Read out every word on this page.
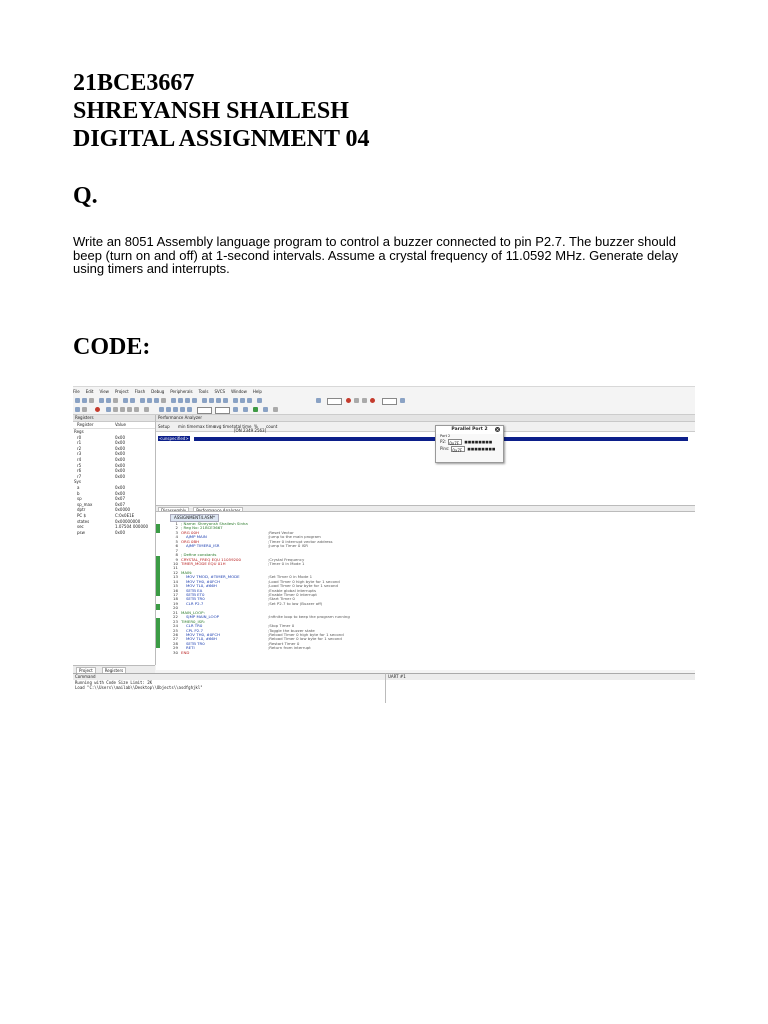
21BCE3667
SHREYANSH SHAILESH
DIGITAL ASSIGNMENT 04
Q.

Write an 8051 Assembly language program to control a buzzer connected to pin P2.7. The buzzer should beep (turn on and off) at 1-second intervals. Assume a crystal frequency of 11.0592 MHz. Generate delay using timers and interrupts.

CODE:
File Edit View Project Flash Debug Peripherals Tools SVCS Window Help
Registers
Register	Value
Regs
r0	0x00
r1	0x00
r2	0x00
r3	0x00
r4	0x00
r5	0x00
r6	0x00
r7	0x00
Sys
a	0x00
b	0x00
sp	0x07
sp_max	0x07
dptr	0x0000
PC $	C:0x0E1E
states	0x00000000
sec	1.07504 000000
psw	0x00
Project	Registers
Performance Analyzer
Setup min time max time
avg time total time % count
[ON 2349 2563]
<unspecified>
Parallel Port 2 ×
Port 2
P2: 0x7F ■■■■■■■■
Pins: 0x7F ■■■■■■■■
ASSIGNMENT4.ASM*
1 ; Name: Shreyansh Shailesh Sinha
2 ; Reg No: 21BCE3667
3 ORG 00H	;Reset Vector
4    AJMP MAIN	;Jump to the main program
5 ORG 0BH	;Timer 0 interrupt vector address
6    AJMP TIMER0_ISR	;Jump to Timer 0 ISR
7
8 ; Define constants
9 CRYSTAL_FREQ EQU 11059200	;Crystal Frequency
10 TIMER_MODE EQU 01H	;Timer 0 in Mode 1
11
12 MAIN:
13    MOV TMOD, #TIMER_MODE	;Set Timer 0 in Mode 1
14    MOV TH0, #0FCH	;Load Timer 0 high byte for 1 second
15    MOV TL0, #66H	;Load Timer 0 low byte for 1 second
16    SETB EA	;Enable global interrupts
17    SETB ET0	;Enable Timer 0 interrupt
18    SETB TR0	;Start Timer 0
19    CLR P2.7	;Set P2.7 to low (Buzzer off)
20
21 MAIN_LOOP:
22    SJMP MAIN_LOOP	;Infinite loop to keep the program running
23 TIMER0_ISR:
24    CLR TR0	;Stop Timer 0
25    CPL P2.7	;Toggle the buzzer state
26    MOV TH0, #0FCH	;Reload Timer 0 high byte for 1 second
27    MOV TL0, #66H	;Reload Timer 0 low byte for 1 second
28    SETB TR0	;Restart Timer 0
29    RETI	;Return from interrupt
30 END
Command
Running with Code Size Limit: 2K
Load "C:\\Users\\mailab\\Desktop\\Objects\\asdfghjkl"
UART #1
